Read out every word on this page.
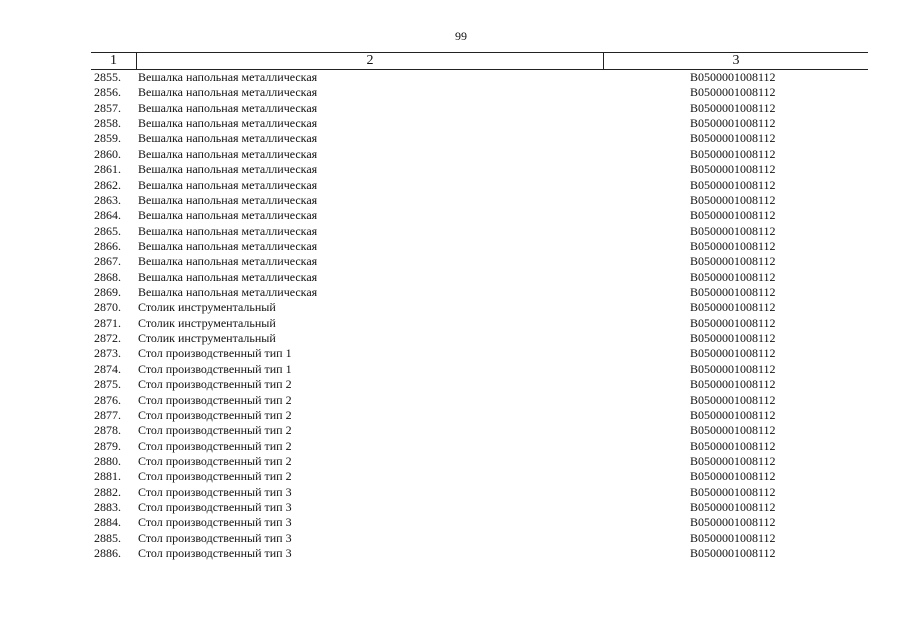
99
1	2	3
2855.	Вешалка напольная металлическая	B0500001008112
2856.	Вешалка напольная металлическая	B0500001008112
2857.	Вешалка напольная металлическая	B0500001008112
2858.	Вешалка напольная металлическая	B0500001008112
2859.	Вешалка напольная металлическая	B0500001008112
2860.	Вешалка напольная металлическая	B0500001008112
2861.	Вешалка напольная металлическая	B0500001008112
2862.	Вешалка напольная металлическая	B0500001008112
2863.	Вешалка напольная металлическая	B0500001008112
2864.	Вешалка напольная металлическая	B0500001008112
2865.	Вешалка напольная металлическая	B0500001008112
2866.	Вешалка напольная металлическая	B0500001008112
2867.	Вешалка напольная металлическая	B0500001008112
2868.	Вешалка напольная металлическая	B0500001008112
2869.	Вешалка напольная металлическая	B0500001008112
2870.	Столик инструментальный	B0500001008112
2871.	Столик инструментальный	B0500001008112
2872.	Столик инструментальный	B0500001008112
2873.	Стол производственный тип 1	B0500001008112
2874.	Стол производственный тип 1	B0500001008112
2875.	Стол производственный тип 2	B0500001008112
2876.	Стол производственный тип 2	B0500001008112
2877.	Стол производственный тип 2	B0500001008112
2878.	Стол производственный тип 2	B0500001008112
2879.	Стол производственный тип 2	B0500001008112
2880.	Стол производственный тип 2	B0500001008112
2881.	Стол производственный тип 2	B0500001008112
2882.	Стол производственный тип 3	B0500001008112
2883.	Стол производственный тип 3	B0500001008112
2884.	Стол производственный тип 3	B0500001008112
2885.	Стол производственный тип 3	B0500001008112
2886.	Стол производственный тип 3	B0500001008112
